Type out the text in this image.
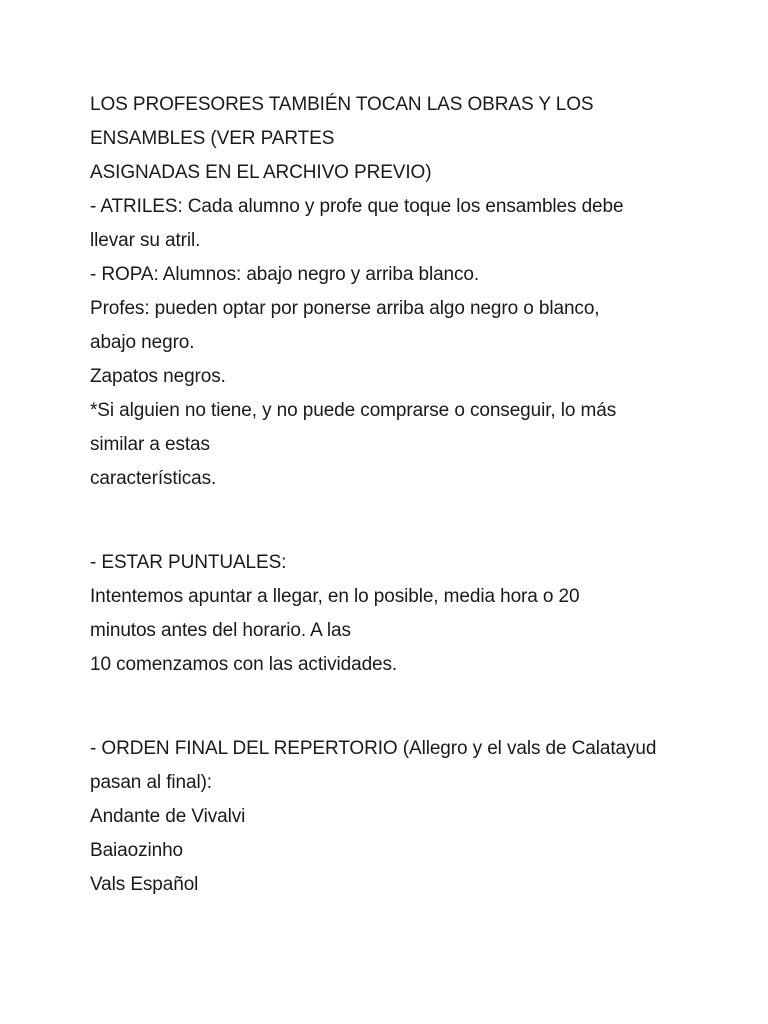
LOS PROFESORES TAMBIÉN TOCAN LAS OBRAS Y LOS
ENSAMBLES (VER PARTES
ASIGNADAS EN EL ARCHIVO PREVIO)
- ATRILES: Cada alumno y profe que toque los ensambles debe
llevar su atril.
- ROPA: Alumnos: abajo negro y arriba blanco.
Profes: pueden optar por ponerse arriba algo negro o blanco,
abajo negro.
Zapatos negros.
*Si alguien no tiene, y no puede comprarse o conseguir, lo más
similar a estas
características.
- ESTAR PUNTUALES:
Intentemos apuntar a llegar, en lo posible, media hora o 20
minutos antes del horario. A las
10 comenzamos con las actividades.
- ORDEN FINAL DEL REPERTORIO (Allegro y el vals de Calatayud
pasan al final):
Andante de Vivalvi
Baiaozinho
Vals Español
